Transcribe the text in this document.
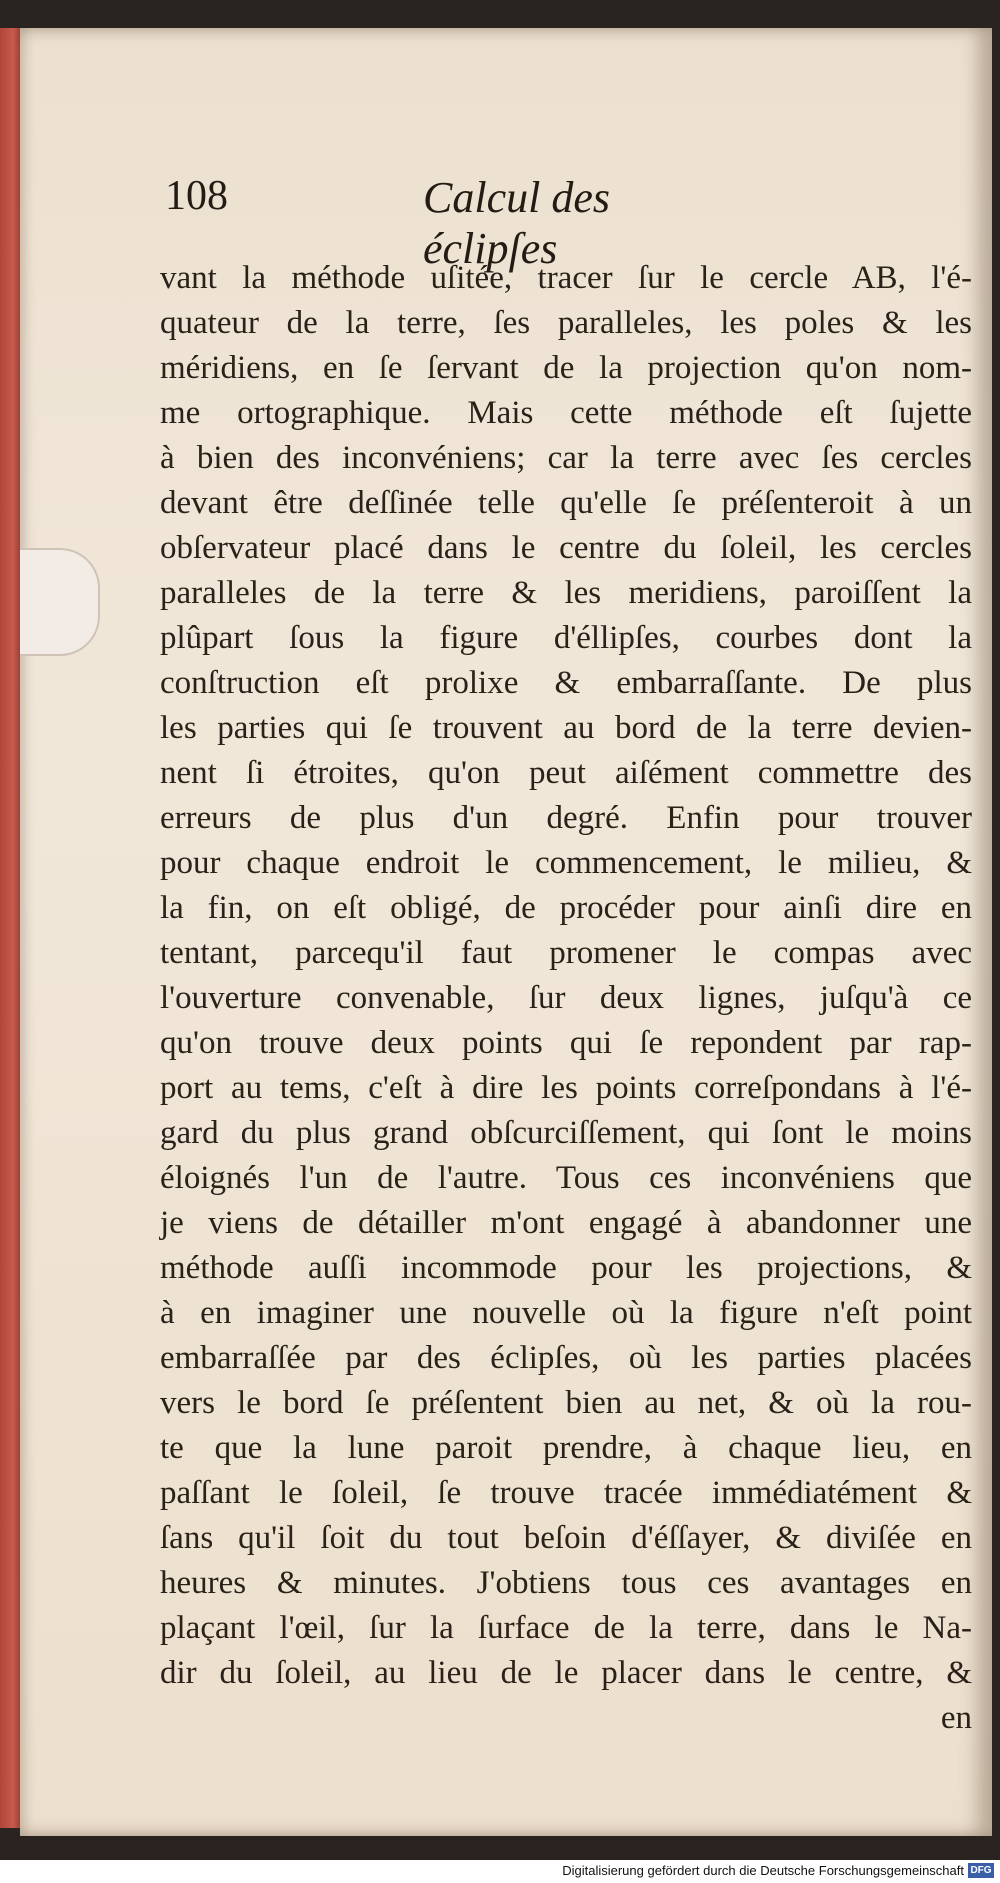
108	Calcul des éclipſes
vant la méthode uſitée, tracer ſur le cercle AB, l'é-
quateur de la terre, ſes paralleles, les poles & les
méridiens, en ſe ſervant de la projection qu'on nom-
me ortographique. Mais cette méthode eſt ſujette
à bien des inconvéniens; car la terre avec ſes cercles
devant être deſſinée telle qu'elle ſe préſenteroit à un
obſervateur placé dans le centre du ſoleil, les cercles
paralleles de la terre & les meridiens, paroiſſent la
plûpart ſous la figure d'éllipſes, courbes dont la
conſtruction eſt prolixe & embarraſſante. De plus
les parties qui ſe trouvent au bord de la terre devien-
nent ſi étroites, qu'on peut aiſément commettre des
erreurs de plus d'un degré. Enfin pour trouver
pour chaque endroit le commencement, le milieu, &
la fin, on eſt obligé, de procéder pour ainſi dire en
tentant, parcequ'il faut promener le compas avec
l'ouverture convenable, ſur deux lignes, juſqu'à ce
qu'on trouve deux points qui ſe repondent par rap-
port au tems, c'eſt à dire les points correſpondans à l'é-
gard du plus grand obſcurciſſement, qui ſont le moins
éloignés l'un de l'autre. Tous ces inconvéniens que
je viens de détailler m'ont engagé à abandonner une
méthode auſſi incommode pour les projections, &
à en imaginer une nouvelle où la figure n'eſt point
embarraſſée par des éclipſes, où les parties placées
vers le bord ſe préſentent bien au net, & où la rou-
te que la lune paroit prendre, à chaque lieu, en
paſſant le ſoleil, ſe trouve tracée immédiatément &
ſans qu'il ſoit du tout beſoin d'éſſayer, & diviſée en
heures & minutes. J'obtiens tous ces avantages en
plaçant l'œil, ſur la ſurface de la terre, dans le Na-
dir du ſoleil, au lieu de le placer dans le centre, &
en
Digitalisierung gefördert durch die Deutsche Forschungsgemeinschaft DFG
